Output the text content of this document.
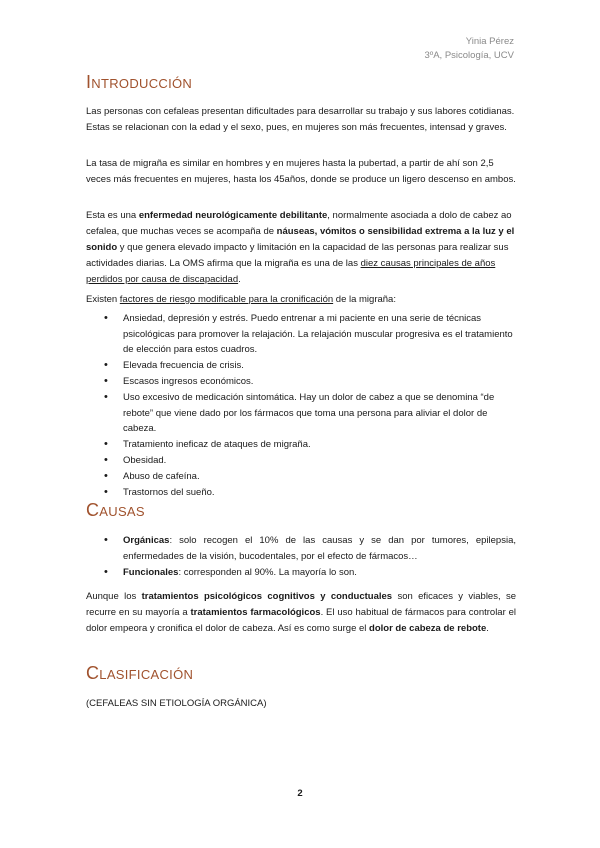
Yinia Pérez
3ºA, Psicología, UCV
Introducción

Las personas con cefaleas presentan dificultades para desarrollar su trabajo y sus labores cotidianas. Estas se relacionan con la edad y el sexo, pues, en mujeres son más frecuentes, intensad y graves.

La tasa de migraña es similar en hombres y en mujeres hasta la pubertad, a partir de ahí son 2,5 veces más frecuentes en mujeres, hasta los 45años, donde se produce un ligero descenso en ambos.

Esta es una enfermedad neurológicamente debilitante, normalmente asociada a dolo de cabez ao cefalea, que muchas veces se acompaña de náuseas, vómitos o sensibilidad extrema a la luz y el sonido y que genera elevado impacto y limitación en la capacidad de las personas para realizar sus actividades diarias. La OMS afirma que la migraña es una de las diez causas principales de años perdidos por causa de discapacidad.

Existen factores de riesgo modificable para la cronificación de la migraña:

• Ansiedad, depresión y estrés. Puedo entrenar a mi paciente en una serie de técnicas psicológicas para promover la relajación. La relajación muscular progresiva es el tratamiento de elección para estos cuadros.
• Elevada frecuencia de crisis.
• Escasos ingresos económicos.
• Uso excesivo de medicación sintomática. Hay un dolor de cabez a que se denomina “de rebote” que viene dado por los fármacos que toma una persona para aliviar el dolor de cabeza.
• Tratamiento ineficaz de ataques de migraña.
• Obesidad.
• Abuso de cafeína.
• Trastornos del sueño.
Causas
• Orgánicas: solo recogen el 10% de las causas y se dan por tumores, epilepsia, enfermedades de la visión, bucodentales, por el efecto de fármacos…
• Funcionales: corresponden al 90%. La mayoría lo son.

Aunque los tratamientos psicológicos cognitivos y conductuales son eficaces y viables, se recurre en su mayoría a tratamientos farmacológicos. El uso habitual de fármacos para controlar el dolor empeora y cronifica el dolor de cabeza. Así es como surge el dolor de cabeza de rebote.

Clasificación

(CEFALEAS SIN ETIOLOGÍA ORGÁNICA)

2
